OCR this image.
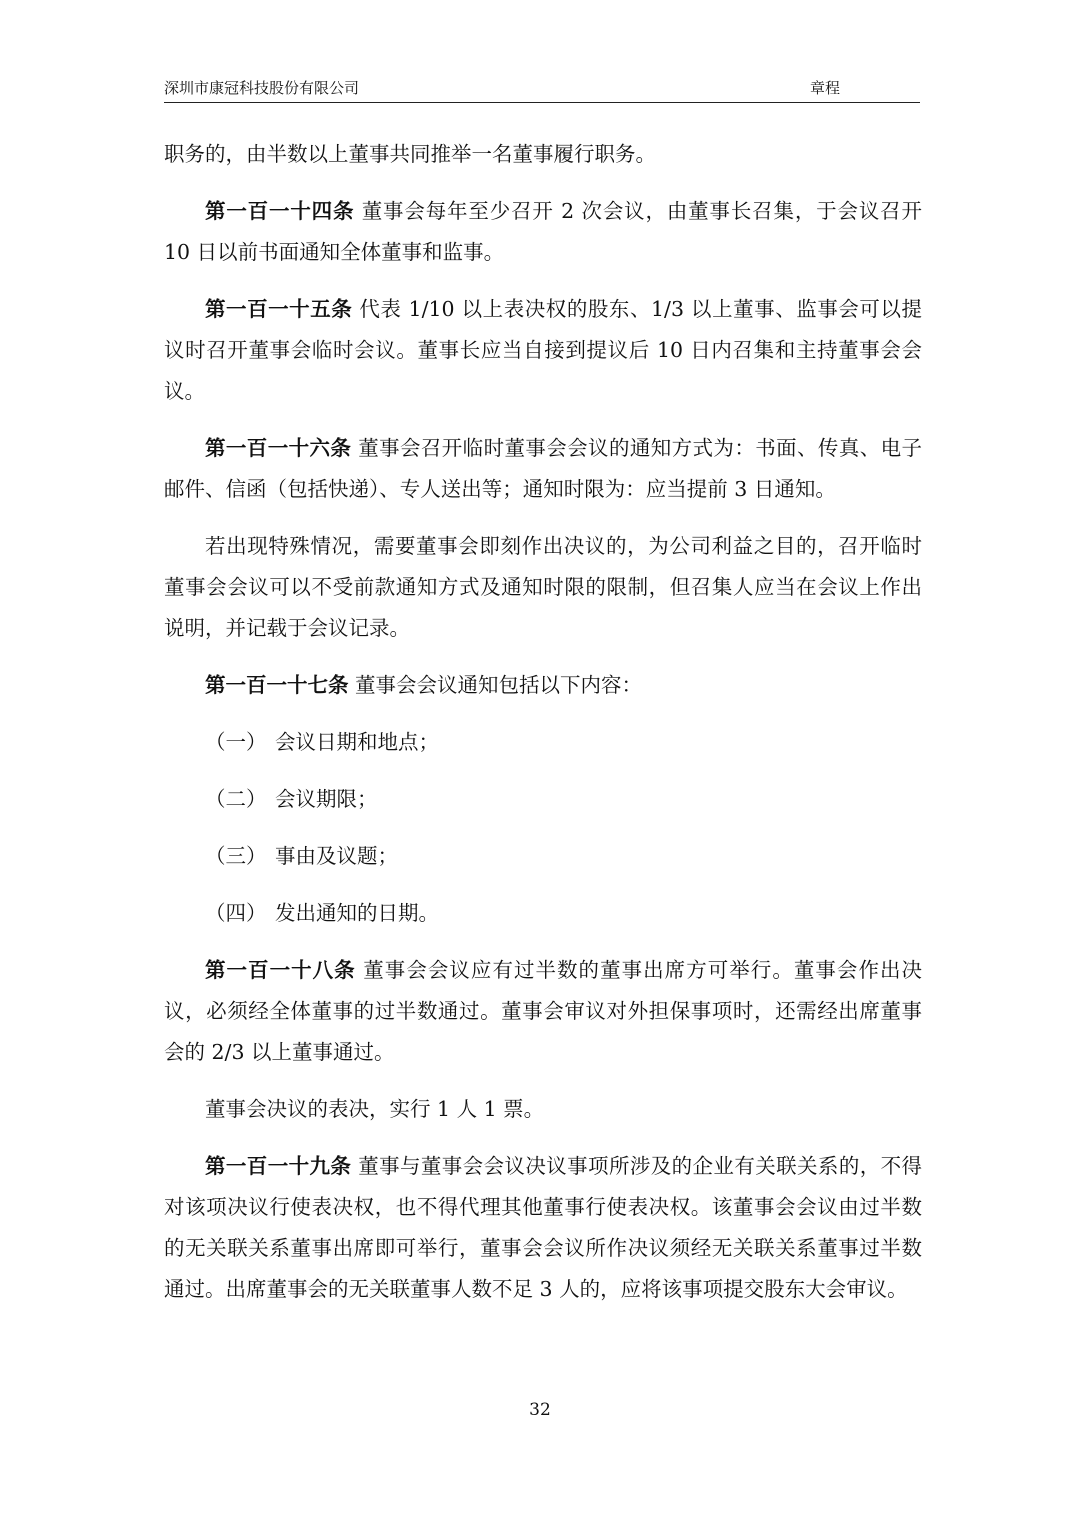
深圳市康冠科技股份有限公司	章程

职务的，由半数以上董事共同推举一名董事履行职务。

第一百一十四条 董事会每年至少召开 2 次会议，由董事长召集，于会议召开 10 日以前书面通知全体董事和监事。

第一百一十五条 代表 1/10 以上表决权的股东、1/3 以上董事、监事会可以提议时召开董事会临时会议。董事长应当自接到提议后 10 日内召集和主持董事会会议。

第一百一十六条 董事会召开临时董事会会议的通知方式为：书面、传真、电子邮件、信函（包括快递）、专人送出等；通知时限为：应当提前 3 日通知。

若出现特殊情况，需要董事会即刻作出决议的，为公司利益之目的，召开临时董事会会议可以不受前款通知方式及通知时限的限制，但召集人应当在会议上作出说明，并记载于会议记录。

第一百一十七条 董事会会议通知包括以下内容：

（一） 会议日期和地点；

（二） 会议期限；

（三） 事由及议题；

（四） 发出通知的日期。

第一百一十八条 董事会会议应有过半数的董事出席方可举行。董事会作出决议，必须经全体董事的过半数通过。董事会审议对外担保事项时，还需经出席董事会的 2/3 以上董事通过。

董事会决议的表决，实行 1 人 1 票。

第一百一十九条 董事与董事会会议决议事项所涉及的企业有关联关系的，不得对该项决议行使表决权，也不得代理其他董事行使表决权。该董事会会议由过半数的无关联关系董事出席即可举行，董事会会议所作决议须经无关联关系董事过半数通过。出席董事会的无关联董事人数不足 3 人的，应将该事项提交股东大会审议。

32
